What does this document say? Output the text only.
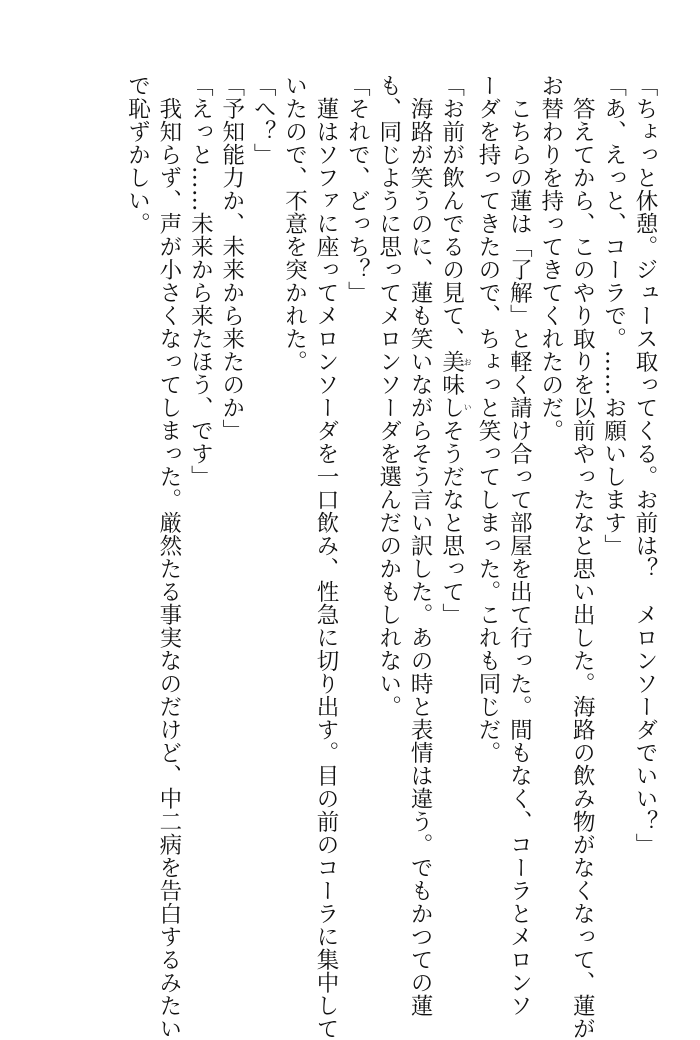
「ちょっと休憩。ジュース取ってくる。お前は？　メロンソーダでいい？」
「あ、えっと、コーラで。……お願いします」
　答えてから、このやり取りを以前やったなと思い出した。海路の飲み物がなくなって、蓮が
お替わりを持ってきてくれたのだ。
　こちらの蓮は「了解」と軽く請け合って部屋を出て行った。間もなく、コーラとメロンソ
ーダを持ってきたので、ちょっと笑ってしまった。これも同じだ。
「お前が飲んでるの見て、美味しおいそうだなと思って」
　海路が笑うのに、蓮も笑いながらそう言い訳した。あの時と表情は違う。でもかつての蓮
も、同じように思ってメロンソーダを選んだのかもしれない。
「それで、どっち？」
　蓮はソファに座ってメロンソーダを一口飲み、性急に切り出す。目の前のコーラに集中して
いたので、不意を突かれた。
「へ？」
「予知能力か、未来から来たのか」
「えっと……未来から来たほう、です」
　我知らず、声が小さくなってしまった。厳然たる事実なのだけど、中二病を告白するみたい
で恥ずかしい。
